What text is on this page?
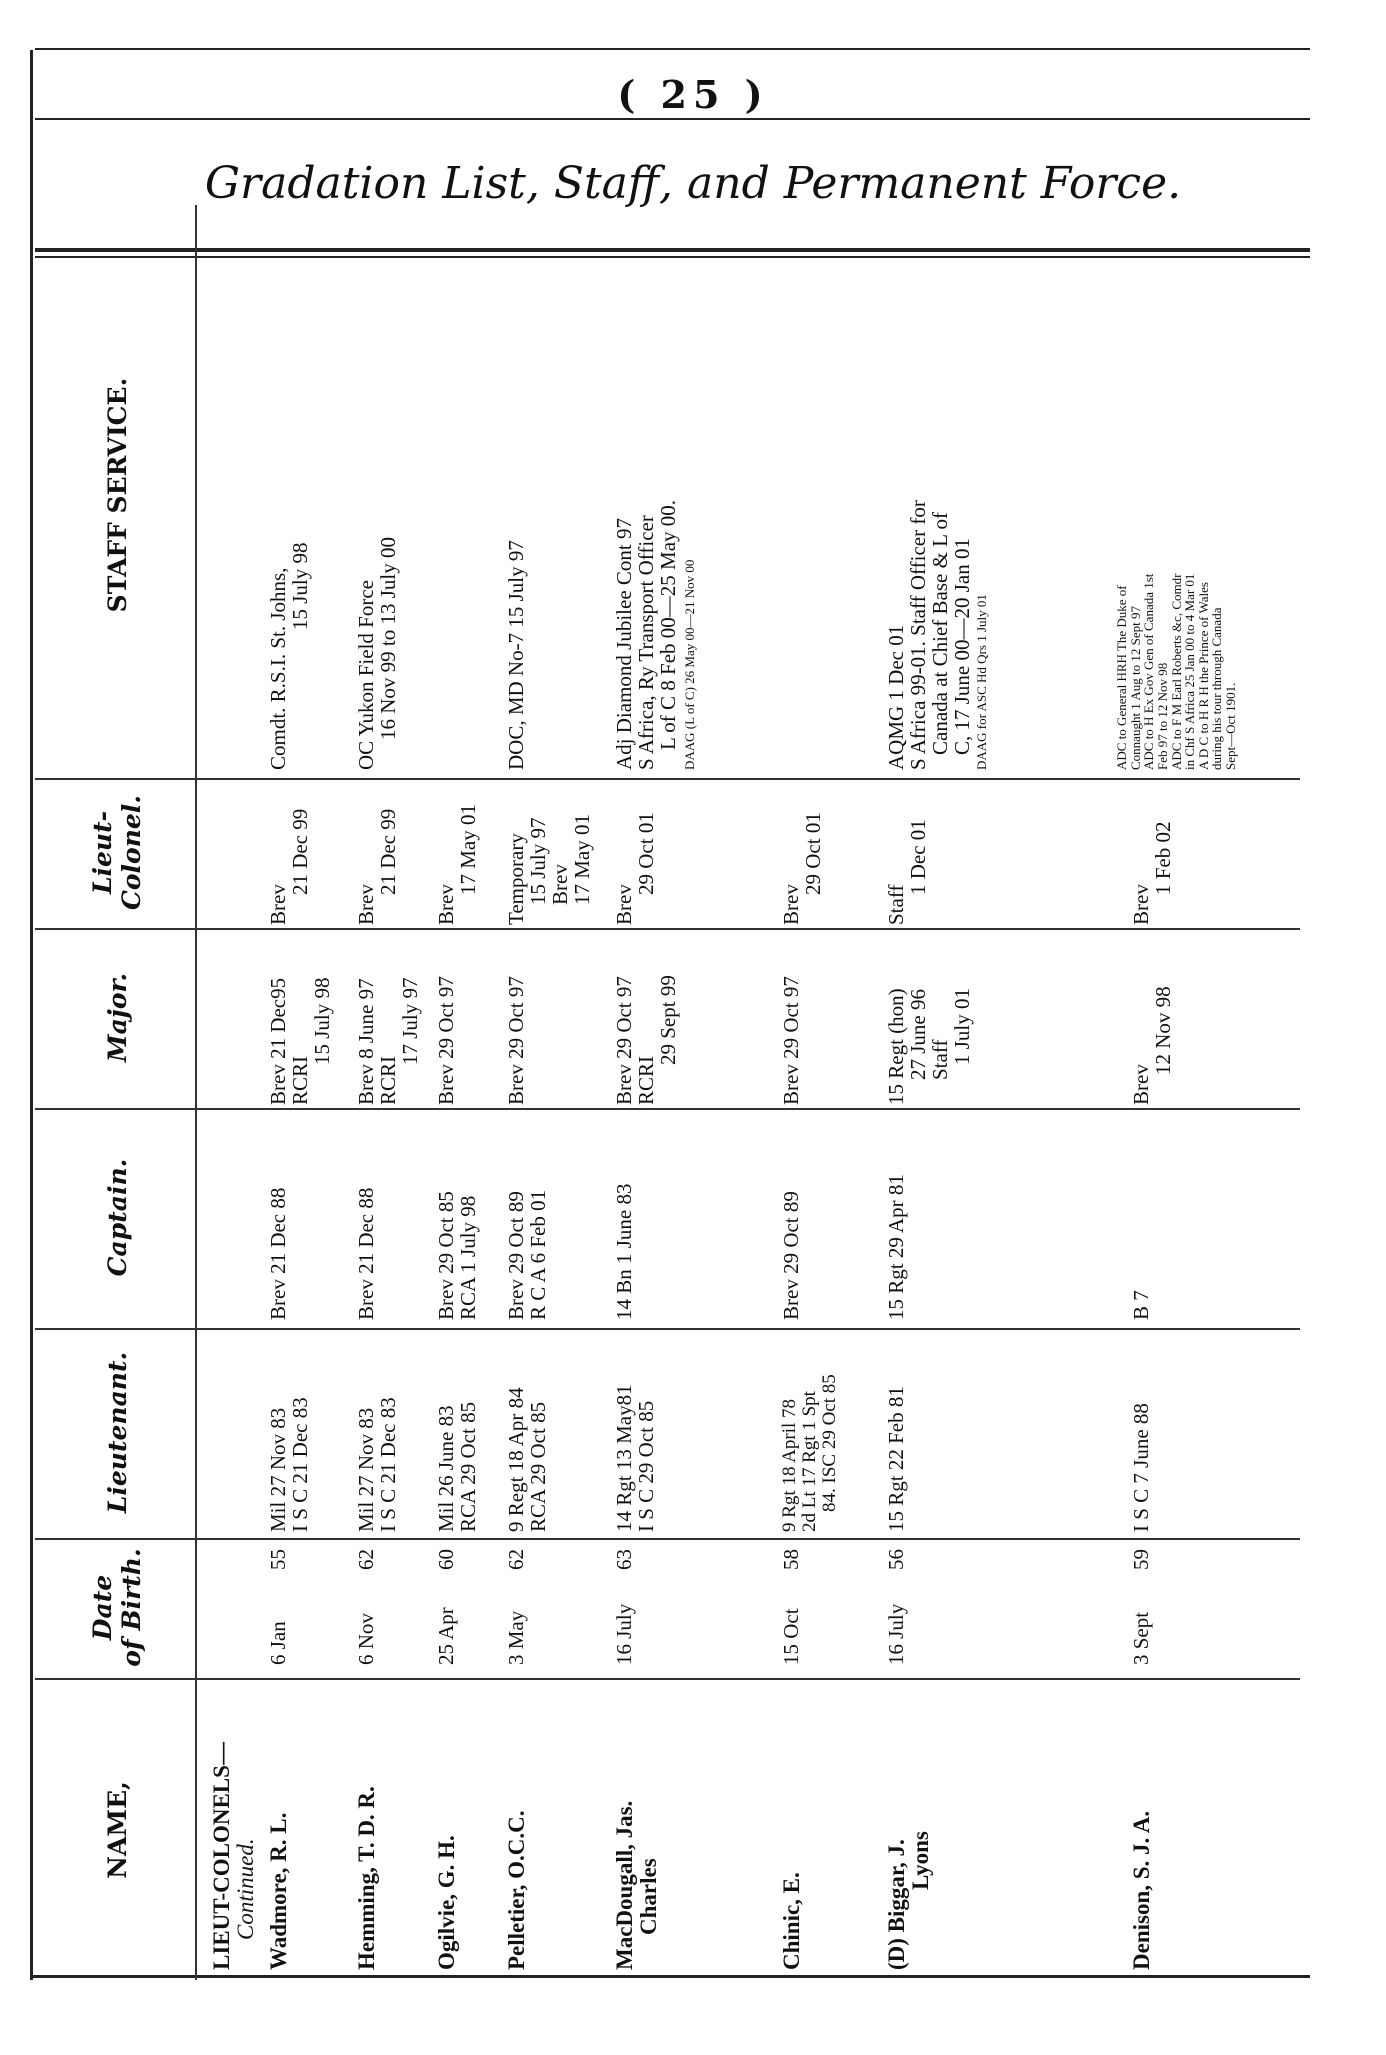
( 25 )
Gradation List, Staff, and Permanent Force.
NAME,
Date
of Birth.
Lieutenant.
Captain.
Major.
Lieut-
Colonel.
STAFF SERVICE.
LIEUT-COLONELS— Continued. Wadmore, R. L.
6 Jan
55
Mil 27 Nov 83
I S C 21 Dec 83
Brev 21 Dec 88
Brev 21 Dec95
RCRI
15 July 98
Brev
21 Dec 99
Comdt. R.S.I. St. Johns,
15 July 98
Hemming, T. D. R.
6 Nov
62
Mil 27 Nov 83
I S C 21 Dec 83
Brev 21 Dec 88
Brev 8 June 97
RCRI
17 July 97
Brev
21 Dec 99
OC Yukon Field Force
16 Nov 99 to 13 July 00
Ogilvie, G. H.
25 Apr
60
Mil 26 June 83
RCA 29 Oct 85
Brev 29 Oct 85
RCA 1 July 98
Brev 29 Oct 97
Brev
17 May 01
Pelletier, O.C.C.
3 May
62
9 Regt 18 Apr 84
RCA 29 Oct 85
Brev 29 Oct 89
R C A 6 Feb 01
Brev 29 Oct 97
Temporary
15 July 97
Brev
17 May 01
DOC, MD No-7 15 July 97
MacDougall, Jas. Charles
16 July
63
14 Rgt 13 May81
I S C 29 Oct 85
14 Bn 1 June 83
Brev 29 Oct 97
RCRI
29 Sept 99
Brev
29 Oct 01
Adj Diamond Jubilee Cont 97
S Africa, Ry Transport Officer
L of C 8 Feb 00—25 May 00. DAAG (L of C) 26 May 00—21 Nov 00
Chinic, E.
15 Oct
58
9 Rgt 18 April 78
2d Lt 17 Rgt 1 Spt
84. ISC 29 Oct 85
Brev 29 Oct 89
Brev 29 Oct 97
Brev
29 Oct 01
(D) Biggar, J. Lyons
16 July
56
15 Rgt 22 Feb 81
15 Rgt 29 Apr 81
15 Regt (hon)
27 June 96
Staff
1 July 01
Staff
1 Dec 01
AQMG 1 Dec 01
S Africa 99-01. Staff Officer for
Canada at Chief Base & L of
C, 17 June 00—20 Jan 01 DAAG for ASC Hd Qrs 1 July 01
Denison, S. J. A.
3 Sept
59
I S C 7 June 88
B 7
Brev
12 Nov 98
Brev
1 Feb 02
ADC to General HRH The Duke of
Connaught 1 Aug to 12 Sept 97
ADC to H Ex Gov Gen of Canada 1st
Feb 97 to 12 Nov 98
ADC to F M Earl Roberts &c, Comdr
in Chf S Africa 25 Jan 00 to 4 Mar 01
A D C to H R H the Prince of Wales
during his tour through Canada
Sept—Oct 1901.
